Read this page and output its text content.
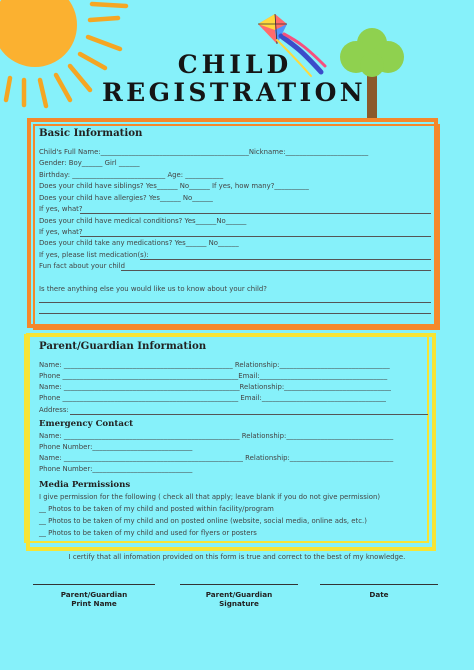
CHILD
REGISTRATION
Basic Information
Child's Full Name:___________________________________________Nickname:________________________
Gender: Boy______ Girl ______
Birthday: ___________________________ Age: ___________
Does your child have siblings? Yes______ No______ If yes, how many?__________
Does your child have allergies? Yes______ No______
If yes, what?
Does your child have medical conditions? Yes______No______
If yes, what?
Does your child take any medications? Yes______ No______
If yes, please list medication(s):
Fun fact about your child
Is there anything else you would like us to know about your child?
Parent/Guardian Information
Name: _________________________________________________ Relationship:________________________________
Phone ___________________________________________________Email:_____________________________________
Name: ___________________________________________________Relationship:_______________________________
Phone ___________________________________________________ Email:____________________________________
Address:
Emergency Contact
Name: ___________________________________________________ Relationship:_______________________________
Phone Number:_____________________________
Name: ____________________________________________________ Relationship:______________________________
Phone Number:_____________________________
Media Permissions
I give permission for the following ( check all that apply; leave blank if you do not give permission)
__ Photos to be taken of my child and posted within facility/program
__ Photos to be taken of my child and on posted online (website, social media, online ads, etc.)
__ Photos to be taken of my child and used for flyers or posters
I certify that all infomation provided on this form is true and correct to the best of my knowledge.
Parent/Guardian
Print Name
Parent/Guardian
Signature
Date
